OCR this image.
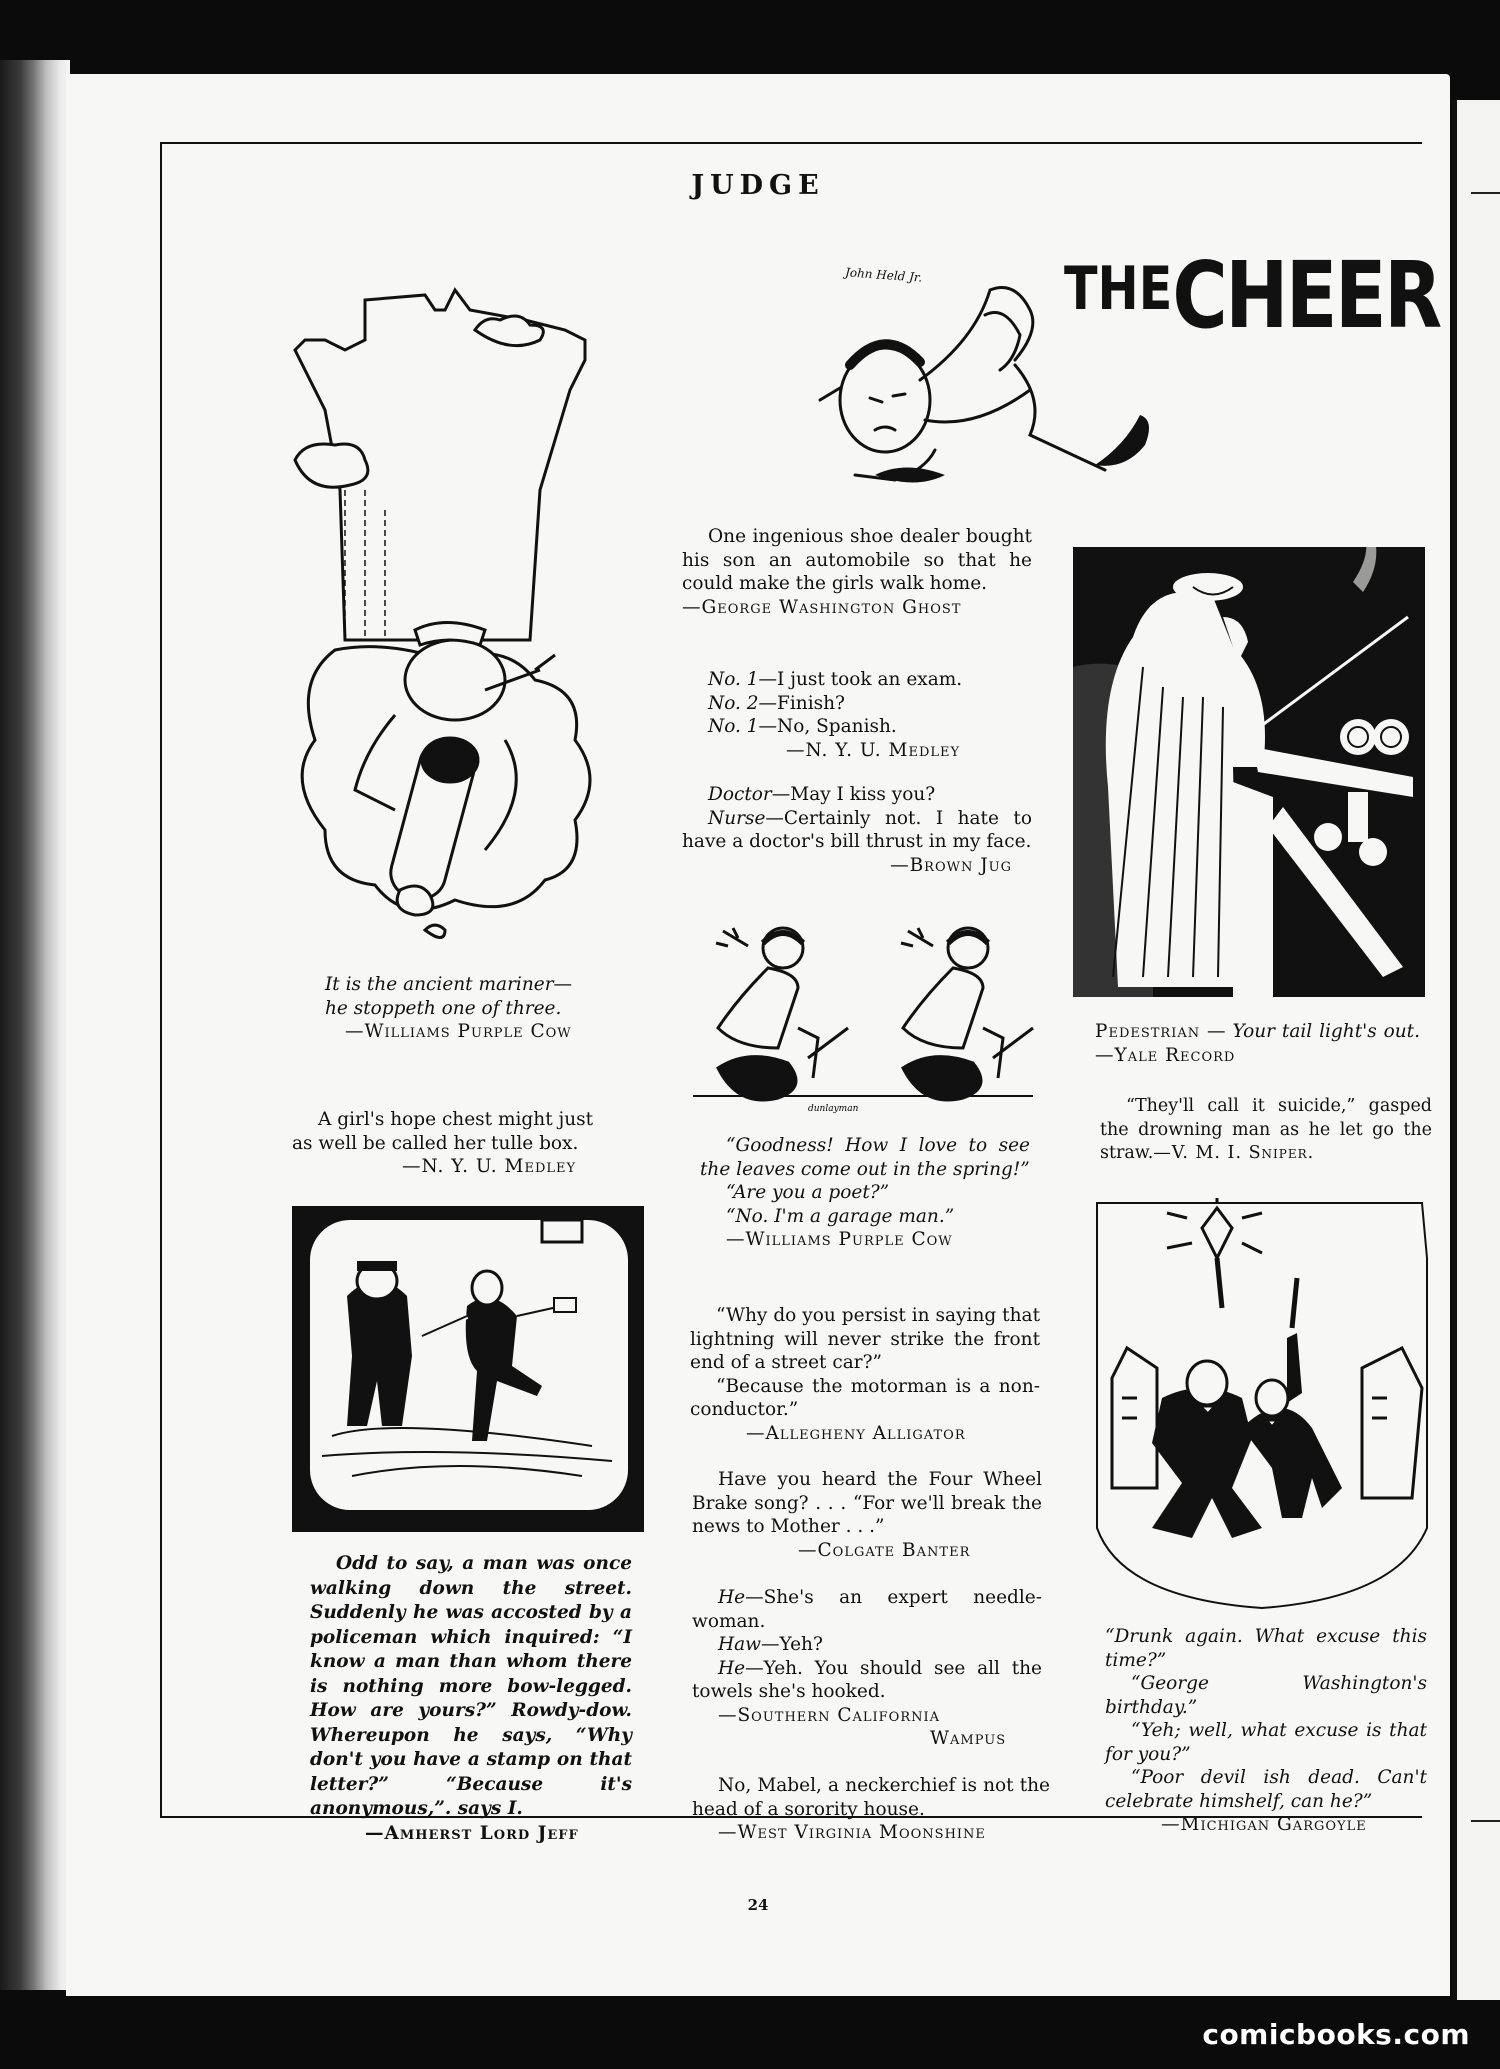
JUDGE
24
John Held Jr. THECHEER
It is the ancient mariner—
he stoppeth one of three.
—Williams Purple Cow
A girl's hope chest might just
as well be called her tulle box.
—N. Y. U. Medley
Odd to say, a man was once walking down the street. Suddenly he was accosted by a policeman which inquired: “I know a man than whom there is nothing more bow-legged. How are yours?” Rowdy-dow. Whereupon he says, “Why don't you have a stamp on that letter?” “Because it's anonymous,”. says I.
—Amherst Lord Jeff
One ingenious shoe dealer bought his son an automobile so that he could make the girls walk home.
—George Washington Ghost
No. 1—I just took an exam.
No. 2—Finish?
No. 1—No, Spanish.
—N. Y. U. Medley
Doctor—May I kiss you?
Nurse—Certainly not. I hate to have a doctor's bill thrust in my face.
—Brown Jug
dunlayman
“Goodness! How I love to see the leaves come out in the spring!”
“Are you a poet?”
“No. I'm a garage man.”
—Williams Purple Cow
“Why do you persist in saying that lightning will never strike the front end of a street car?”
“Because the motorman is a non-conductor.”
—Allegheny Alligator
Have you heard the Four Wheel Brake song? . . . “For we'll break the news to Mother . . .”
—Colgate Banter
He—She's an expert needle-woman.
Haw—Yeh?
He—Yeh. You should see all the towels she's hooked.
—Southern California
Wampus
No, Mabel, a neckerchief is not the head of a sorority house.
—West Virginia Moonshine
Pedestrian — Your tail light's out. —Yale Record
“They'll call it suicide,” gasped the drowning man as he let go the straw.—V. M. I. Sniper.
“Drunk again. What excuse this time?”
“George Washington's birthday.”
“Yeh; well, what excuse is that for you?”
“Poor devil ish dead. Can't celebrate himshelf, can he?”
—Michigan Gargoyle
comicbooks.com
